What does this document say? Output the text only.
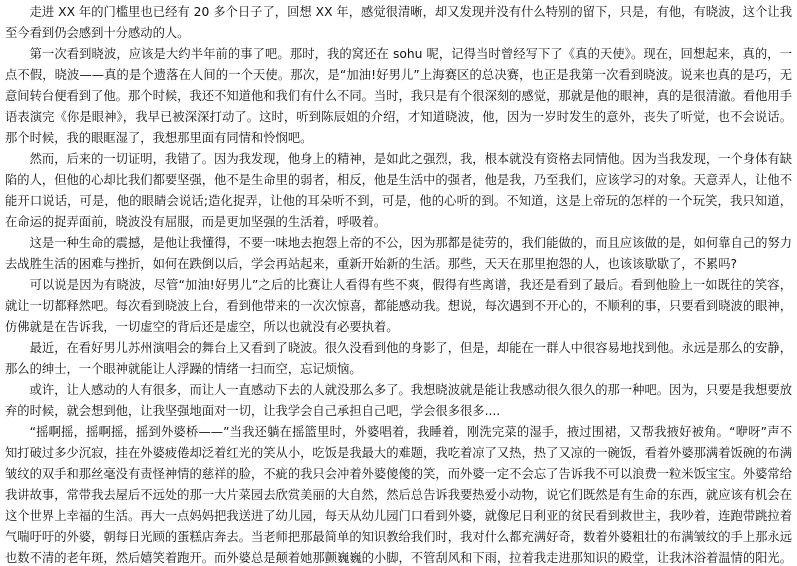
走进 XX 年的门槛里也已经有 20 多个日子了，回想 XX 年，感觉很清晰，却又发现并没有什么特别的留下，只是，有他，有晓波，这个让我至今看到仍会感到十分感动的人。

第一次看到晓波，应该是大约半年前的事了吧。那时，我的窝还在 sohu 呢，记得当时曾经写下了《真的天使》。现在，回想起来，真的，一点不假，晓波——真的是个遗落在人间的一个天使。那次，是“加油!好男儿”上海赛区的总决赛，也正是我第一次看到晓波。说来也真的是巧，无意间转台便看到了他。那个时候，我还不知道他和我们有什么不同。当时，我只是有个很深刻的感觉，那就是他的眼神，真的是很清澈。看他用手语表演完《你是眼神》，我早已被深深打动了。这时，听到陈辰姐的介绍，才知道晓波，他，因为一岁时发生的意外，丧失了听觉，也不会说话。那个时候，我的眼眶湿了，我想那里面有同情和怜悯吧。

然而，后来的一切证明，我错了。因为我发现，他身上的精神，是如此之强烈，我，根本就没有资格去同情他。因为当我发现，一个身体有缺陷的人，但他的心却比我们都要坚强，他不是生命里的弱者，相反，他是生活中的强者，他是我，乃至我们，应该学习的对象。天意弄人，让他不能开口说话，可是，他的眼睛会说话;造化捉弄，让他的耳朵听不到，可是，他的心听的到。不知道，这是上帝玩的怎样的一个玩笑，我只知道，在命运的捉弄面前，晓波没有屈服，而是更加坚强的生活着，呼吸着。

这是一种生命的震撼，是他让我懂得，不要一味地去抱怨上帝的不公，因为那都是徒劳的，我们能做的，而且应该做的是，如何靠自己的努力去战胜生活的困难与挫折，如何在跌倒以后，学会再站起来，重新开始新的生活。那些，天天在那里抱怨的人，也该该歇歇了，不累吗?

可以说是因为有晓波，尽管“加油!好男儿”之后的比赛让人看得有些不爽，假得有些离谱，我还是看到了最后。看到他脸上一如既往的笑容，就让一切都释然吧。每次看到晓波上台，看到他带来的一次次惊喜，都能感动我。想说，每次遇到不开心的，不顺利的事，只要看到晓波的眼神，仿佛就是在告诉我，一切虚空的背后还是虚空，所以也就没有必要执着。

最近，在看好男儿苏州演唱会的舞台上又看到了晓波。很久没看到他的身影了，但是，却能在一群人中很容易地找到他。永远是那么的安静，那么的绅士，一个眼神就能让人浮躁的情绪一扫而空，忘记烦恼。

或许，让人感动的人有很多，而让人一直感动下去的人就没那么多了。我想晓波就是能让我感动很久很久的那一种吧。因为，只要是我想要放弃的时候，就会想到他，让我坚强地面对一切，让我学会自己承担自己吧，学会很多很多....

“摇啊摇，摇啊摇，摇到外婆桥——”当我还躺在摇篮里时，外婆唱着，我睡着，刚洗完菜的湿手，掖过围裙，又帮我掖好被角。“咿呀”声不知打破过多少沉寂，挂在外婆疲倦却泛着红光的笑从小，吃饭是我最大的难题，我吃着凉了又热，热了又凉的一碗饭，看着外婆那满着饭碗的布满皱纹的双手和那丝毫没有责怪神情的慈祥的脸，不疵的我只会冲着外婆傻傻的笑，而外婆一定不会忘了告诉我不可以浪费一粒米饭宝宝。外婆常给我讲故事，常带我去屋后不远处的那一大片菜园去欣赏美丽的大自然，然后总告诉我要热爱小动物，说它们既然是有生命的东西，就应该有机会在这个世界上幸福的生活。再大一点妈妈把我送进了幼儿园，每天从幼儿园门口看到外婆，就像尼日利亚的贫民看到救世主，我吵着，连跑带跳拉着气喘吁吁的外婆，朝每日光顾的蛋糕店奔去。当老师把那最简单的知识教给我们时，我对什么都充满好奇，数着外婆粗壮的布满皱纹的手上那永远也数不清的老年斑，然后嬉笑着跑开。而外婆总是颠着她那颤巍巍的小脚，不管刮风和下雨，拉着我走进那知识的殿堂，让我沐浴着温情的阳光。
